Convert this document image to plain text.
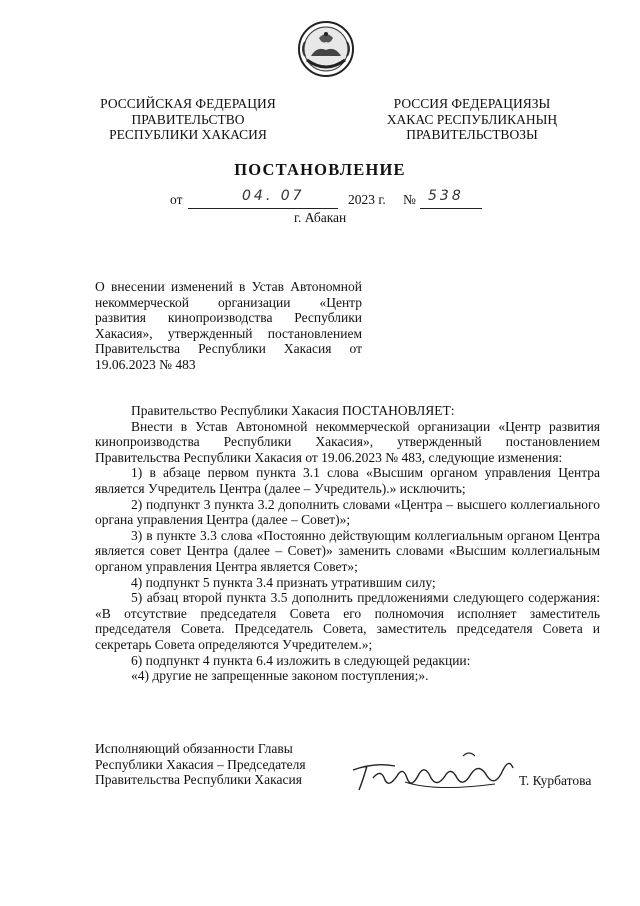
РОССИЙСКАЯ ФЕДЕРАЦИЯ
ПРАВИТЕЛЬСТВО
РЕСПУБЛИКИ ХАКАСИЯ
РОССИЯ ФЕДЕРАЦИЯЗЫ
ХАКАС РЕСПУБЛИКАНЫҢ
ПРАВИТЕЛЬСТВОЗЫ
ПОСТАНОВЛЕНИЕ
от	04. 07	2023 г. № 538
г. Абакан
О внесении изменений в Устав Автономной некоммерческой организации «Центр развития кинопроизводства Республики Хакасия», утвержденный постановлением Правительства Республики Хакасия от 19.06.2023 № 483

Правительство Республики Хакасия ПОСТАНОВЛЯЕТ:

Внести в Устав Автономной некоммерческой организации «Центр развития кинопроизводства Республики Хакасия», утвержденный постановлением Правительства Республики Хакасия от 19.06.2023 № 483, следующие изменения:

1) в абзаце первом пункта 3.1 слова «Высшим органом управления Центра является Учредитель Центра (далее – Учредитель).» исключить;

2) подпункт 3 пункта 3.2 дополнить словами «Центра – высшего коллегиального органа управления Центра (далее – Совет)»;

3) в пункте 3.3 слова «Постоянно действующим коллегиальным органом Центра является совет Центра (далее – Совет)» заменить словами «Высшим коллегиальным органом управления Центра является Совет»;

4) подпункт 5 пункта 3.4 признать утратившим силу;

5) абзац второй пункта 3.5 дополнить предложениями следующего содержания: «В отсутствие председателя Совета его полномочия исполняет заместитель председателя Совета. Председатель Совета, заместитель председателя Совета и секретарь Совета определяются Учредителем.»;

6) подпункт 4 пункта 6.4 изложить в следующей редакции:

«4) другие не запрещенные законом поступления;».

Исполняющий обязанности Главы
Республики Хакасия – Председателя
Правительства Республики Хакасия	Т. Курбатова
